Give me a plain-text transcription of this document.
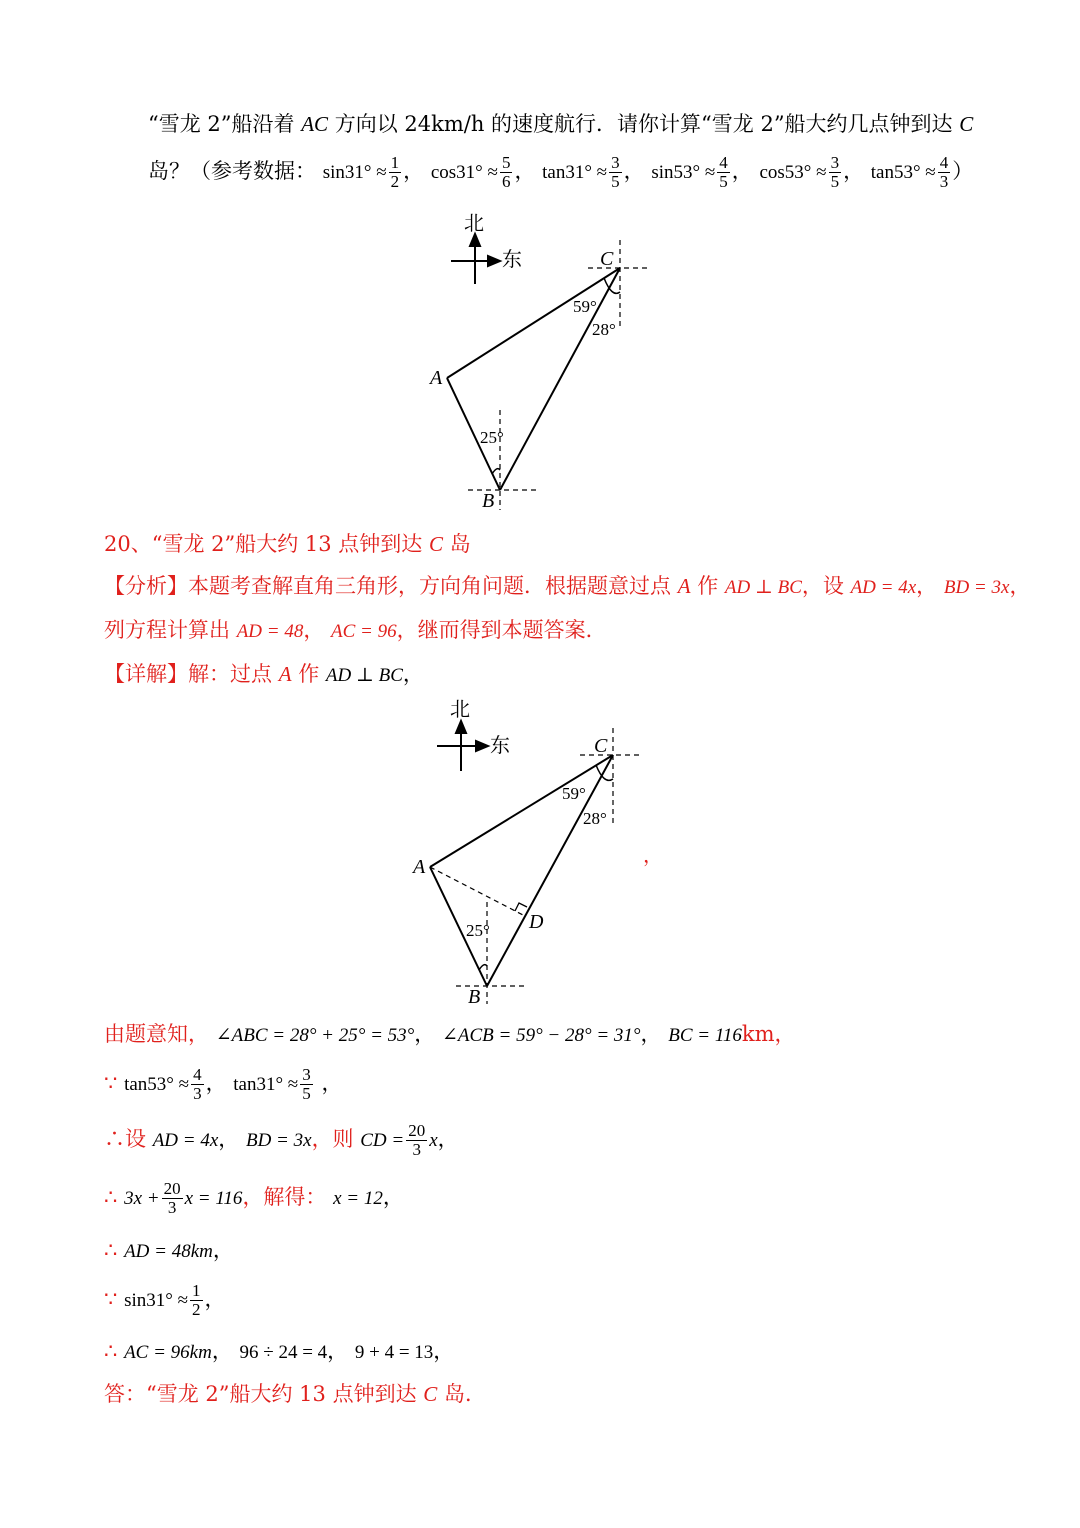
“雪龙 2”船沿着 AC 方向以 24km/h 的速度航行．请你计算“雪龙 2”船大约几点钟到达 C
岛？（参考数据： $\sin 31^\circ \approx \frac{1}{2}$ ， $\cos 31^\circ \approx \frac{5}{6}$ ， $\tan 31^\circ \approx \frac{3}{5}$ ， $\sin 53^\circ \approx \frac{4}{5}$ ， $\cos 53^\circ \approx \frac{3}{5}$ ， $\tan 53^\circ \approx \frac{4}{3}$ ）
北
东	C
A
B
59°
28°
25°
20、“雪龙 2”船大约 13 点钟到达 C 岛
【分析】本题考查解直角三角形，方向角问题．根据题意过点 A 作 AD ⊥ BC，设 AD = 4x， BD = 3x，
列方程计算出 AD = 48， AC = 96，继而得到本题答案．
【详解】解：过点 A 作 AD ⊥ BC，
北
东	C
A
B
D
59°
28°
25°
，
由题意知， ∠ABC = 28° + 25° = 53°， ∠ACB = 59° − 28° = 31°， BC = 116km，
∵ $\tan 53^\circ \approx \frac{4}{3}$ ， $\tan 31^\circ \approx \frac{3}{5}$ ，
∴设 AD = 4x， BD = 3x，则 CD = $\frac{20}{3}$ x，
∴ $3x + \frac{20}{3}$ x = 116，解得： x = 12，
∴ AD = 48km，
∵ $\sin 31^\circ \approx \frac{1}{2}$ ，
∴ AC = 96km， 96 ÷ 24 = 4， 9 + 4 = 13，
答：“雪龙 2”船大约 13 点钟到达 C 岛．
